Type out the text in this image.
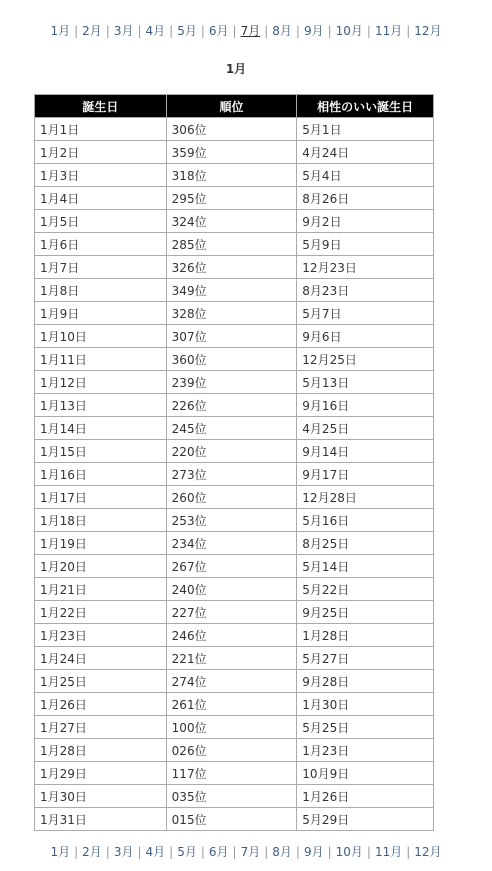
1月 | 2月 | 3月 | 4月 | 5月 | 6月 | 7月 | 8月 | 9月 | 10月 | 11月 | 12月
1月
誕生日	順位	相性のいい誕生日
1月1日	306位	5月1日
1月2日	359位	4月24日
1月3日	318位	5月4日
1月4日	295位	8月26日
1月5日	324位	9月2日
1月6日	285位	5月9日
1月7日	326位	12月23日
1月8日	349位	8月23日
1月9日	328位	5月7日
1月10日	307位	9月6日
1月11日	360位	12月25日
1月12日	239位	5月13日
1月13日	226位	9月16日
1月14日	245位	4月25日
1月15日	220位	9月14日
1月16日	273位	9月17日
1月17日	260位	12月28日
1月18日	253位	5月16日
1月19日	234位	8月25日
1月20日	267位	5月14日
1月21日	240位	5月22日
1月22日	227位	9月25日
1月23日	246位	1月28日
1月24日	221位	5月27日
1月25日	274位	9月28日
1月26日	261位	1月30日
1月27日	100位	5月25日
1月28日	026位	1月23日
1月29日	117位	10月9日
1月30日	035位	1月26日
1月31日	015位	5月29日
1月 | 2月 | 3月 | 4月 | 5月 | 6月 | 7月 | 8月 | 9月 | 10月 | 11月 | 12月
